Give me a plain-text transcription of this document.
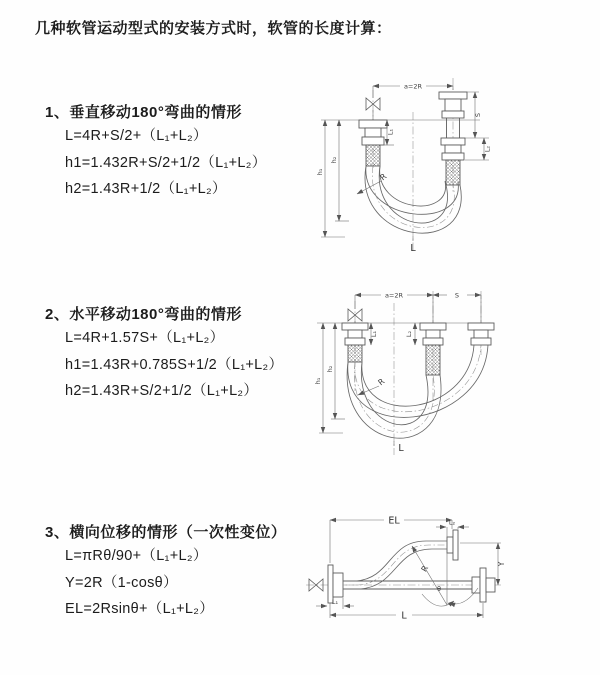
几种软管运动型式的安装方式时，软管的长度计算：
1、垂直移动180°弯曲的情形
L=4R+S/2+（L₁+L₂）
h1=1.432R+S/2+1/2（L₁+L₂）
h2=1.43R+1/2（L₁+L₂）
2、水平移动180°弯曲的情形
L=4R+1.57S+（L₁+L₂）
h1=1.43R+0.785S+1/2（L₁+L₂）
h2=1.43R+S/2+1/2（L₁+L₂）
3、横向位移的情形（一次性变位）
L=πRθ/90+（L₁+L₂）
Y=2R（1-cosθ）
EL=2Rsinθ+（L₁+L₂）
a=2R
L₁
S
L₂
h₁
h₂
R
L
a=2R	S
L₁	L₂
h₁
h₂
R
L
EL	L₂
Y
R
θ
L₁
L
